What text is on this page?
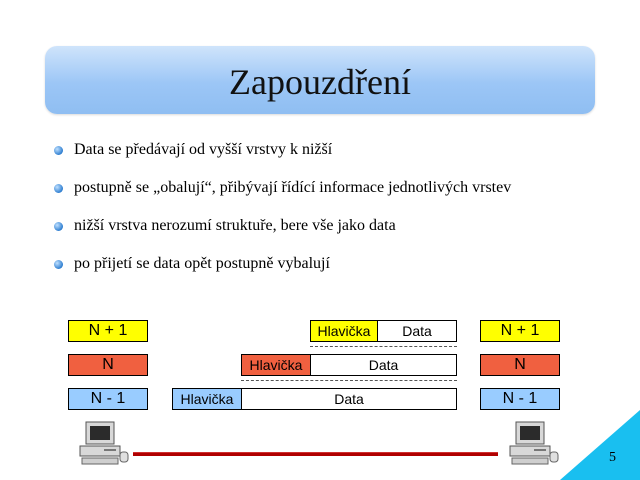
Zapouzdření
Data se předávají od vyšší vrstvy k nižší
postupně se „obalují“, přibývají řídící informace jednotlivých vrstev
nižší vrstva nerozumí struktuře, bere vše jako data
po přijetí se data opět postupně vybalují
N + 1
N
N - 1
N + 1
N
N - 1
Hlavička	Data
Hlavička	Data
Hlavička	Data
5
